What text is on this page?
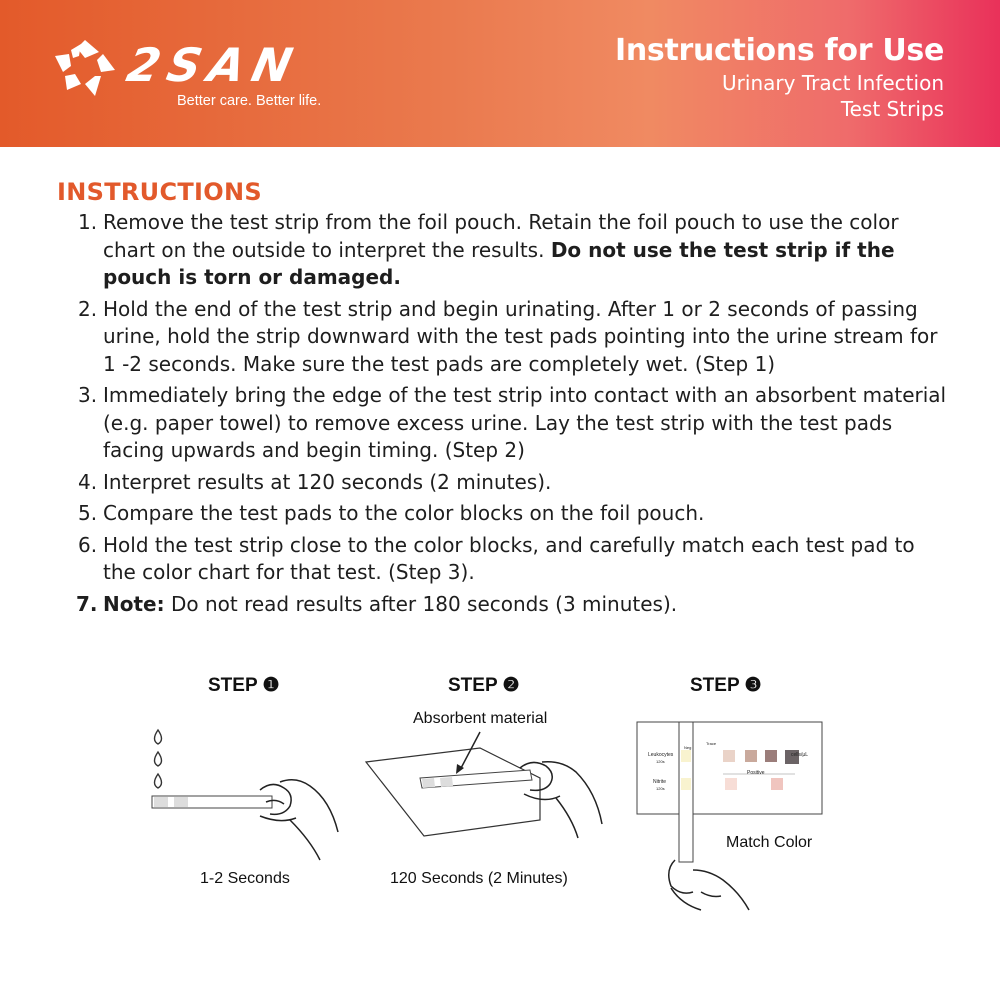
2SAN
Better care. Better life.
Instructions for Use
Urinary Tract Infection
Test Strips
INSTRUCTIONS
1. Remove the test strip from the foil pouch. Retain the foil pouch to use the color chart on the outside to interpret the results. Do not use the test strip if the pouch is torn or damaged.
2. Hold the end of the test strip and begin urinating. After 1 or 2 seconds of passing urine, hold the strip downward with the test pads pointing into the urine stream for 1 -2 seconds. Make sure the test pads are completely wet. (Step 1)
3. Immediately bring the edge of the test strip into contact with an absorbent material (e.g. paper towel) to remove excess urine. Lay the test strip with the test pads facing upwards and begin timing. (Step 2)
4. Interpret results at 120 seconds (2 minutes).
5. Compare the test pads to the color blocks on the foil pouch.
6. Hold the test strip close to the color blocks, and carefully match each test pad to the color chart for that test. (Step 3).
7. Note: Do not read results after 180 seconds (3 minutes).
STEP ❶	STEP ❷	STEP ❸
1-2 Seconds
Absorbent material
120 Seconds (2 Minutes)
Leukocytes
120s
Nitrite
120s
Neg
Trace
cells/µL
Positive
Match Color
